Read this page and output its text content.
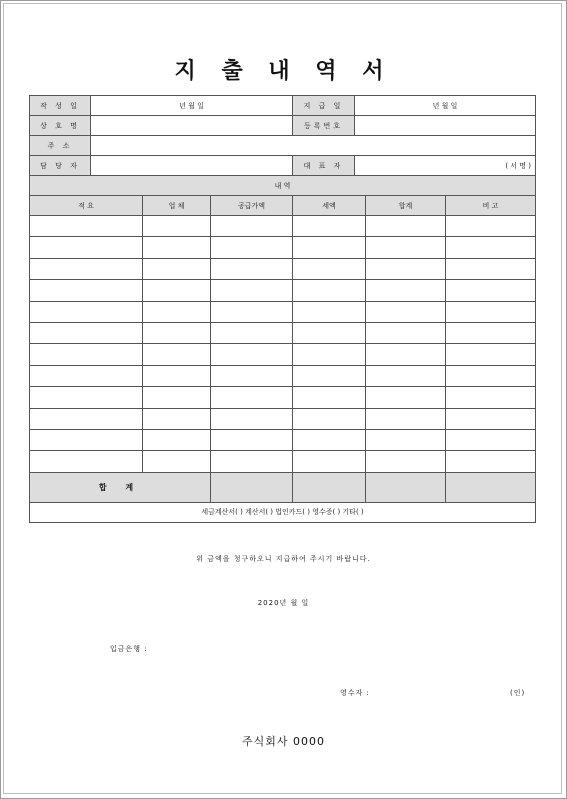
지 출 내 역 서
작 성 일	년 월 일	지 급 일	년 월 일
상 호 명		등록번호	
주 소			
담 당 자		대 표 자	( 서 명 )
내 역					
적 요	업 체	공급가액	세액	합계	비 고

합 계					
세금계산서( ) 계산서( ) 법인카드( ) 영수증( ) 기타( )					
위 금액을 청구하오니 지급하여 주시기 바랍니다.
2020년 월 일
입금은행 :
영수자 :	(인)
주식회사 0000
